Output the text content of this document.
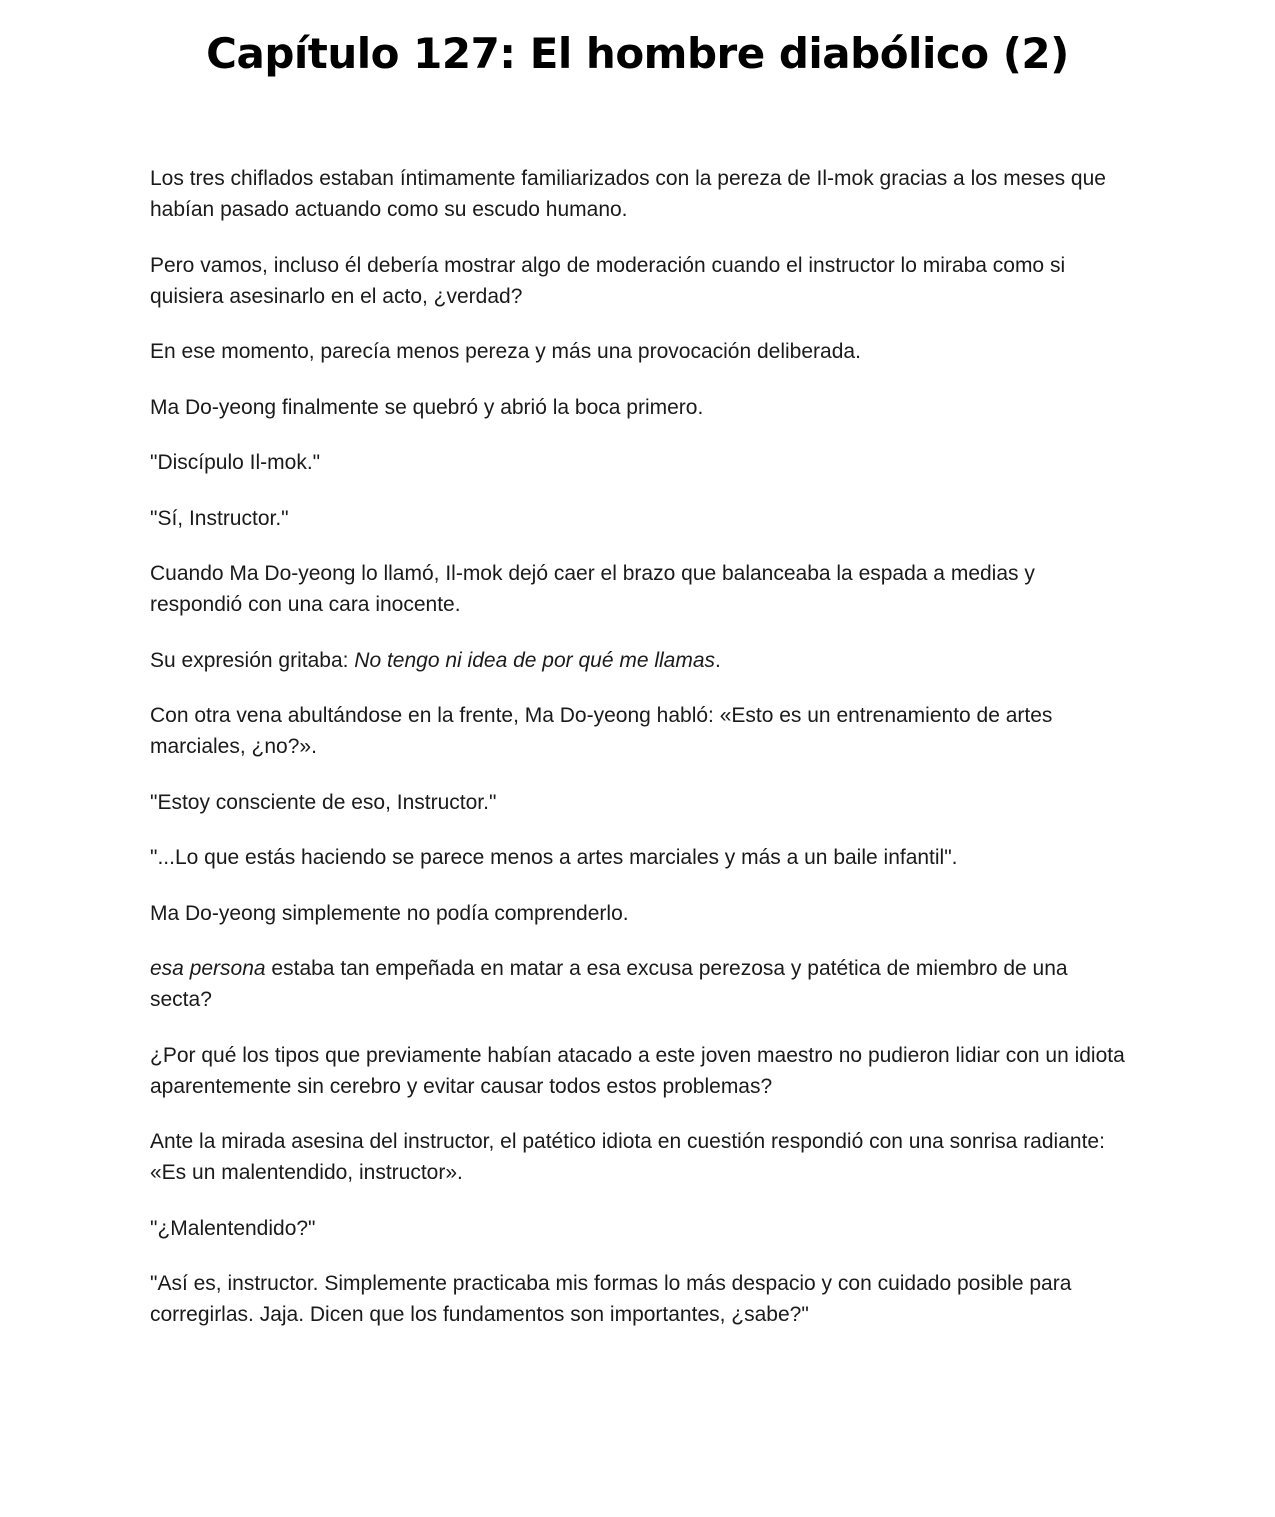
Capítulo 127: El hombre diabólico (2)

Los tres chiflados estaban íntimamente familiarizados con la pereza de Il-mok gracias a los meses que habían pasado actuando como su escudo humano.

Pero vamos, incluso él debería mostrar algo de moderación cuando el instructor lo miraba como si quisiera asesinarlo en el acto, ¿verdad?

En ese momento, parecía menos pereza y más una provocación deliberada.

Ma Do-yeong finalmente se quebró y abrió la boca primero.

"Discípulo Il-mok."

"Sí, Instructor."

Cuando Ma Do-yeong lo llamó, Il-mok dejó caer el brazo que balanceaba la espada a medias y respondió con una cara inocente.

Su expresión gritaba: No tengo ni idea de por qué me llamas.

Con otra vena abultándose en la frente, Ma Do-yeong habló: «Esto es un entrenamiento de artes marciales, ¿no?».

"Estoy consciente de eso, Instructor."

"...Lo que estás haciendo se parece menos a artes marciales y más a un baile infantil".

Ma Do-yeong simplemente no podía comprenderlo.

esa persona estaba tan empeñada en matar a esa excusa perezosa y patética de miembro de una secta?

¿Por qué los tipos que previamente habían atacado a este joven maestro no pudieron lidiar con un idiota aparentemente sin cerebro y evitar causar todos estos problemas?

Ante la mirada asesina del instructor, el patético idiota en cuestión respondió con una sonrisa radiante: «Es un malentendido, instructor».

"¿Malentendido?"

"Así es, instructor. Simplemente practicaba mis formas lo más despacio y con cuidado posible para corregirlas. Jaja. Dicen que los fundamentos son importantes, ¿sabe?"
